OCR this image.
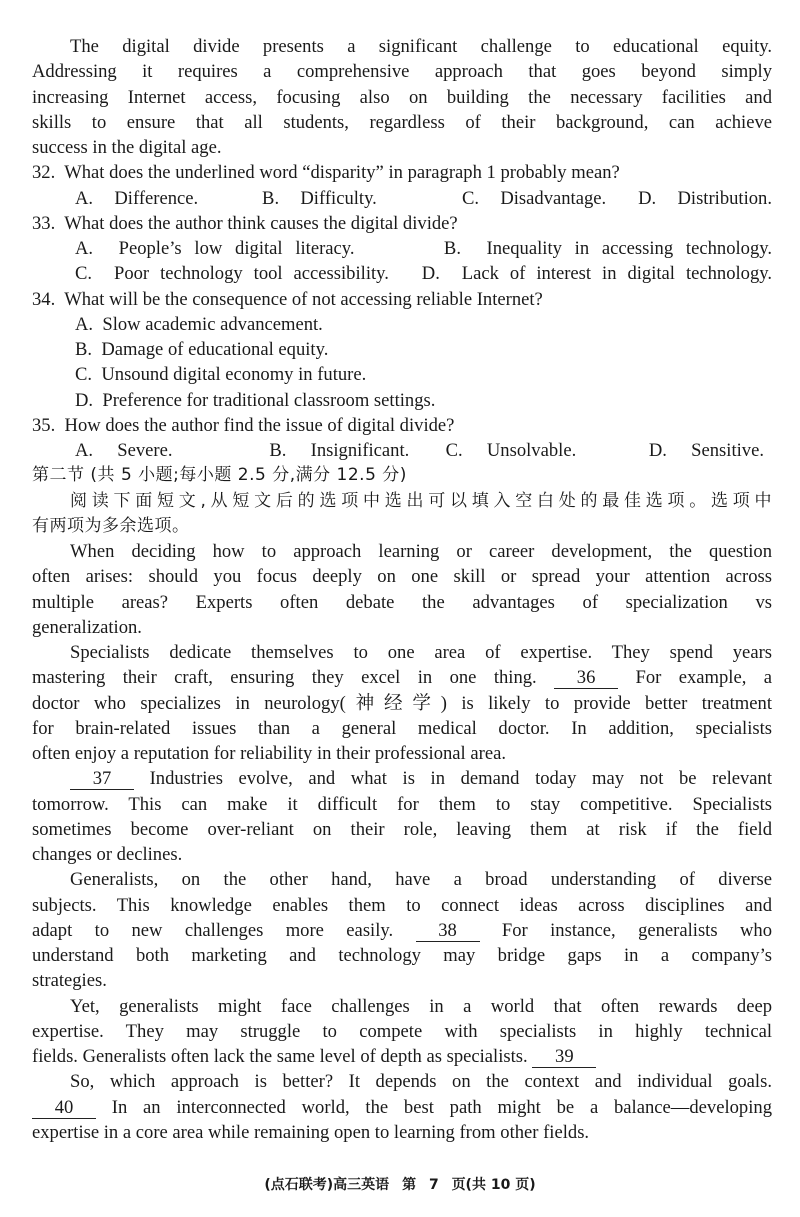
The digital divide presents a significant challenge to educational equity.
Addressing it requires a comprehensive approach that goes beyond simply
increasing Internet access, focusing also on building the necessary facilities and
skills to ensure that all students, regardless of their background, can achieve
success in the digital age.
32.  What does the underlined word “disparity” in paragraph 1 probably mean?
A.  Difference.      B.  Difficulty.        C.  Disadvantage.   D.  Distribution.
33.  What does the author think causes the digital divide?
A.  People’s low digital literacy.       B.  Inequality in accessing technology.
C.  Poor technology tool accessibility.   D.  Lack of interest in digital technology.
34.  What will be the consequence of not accessing reliable Internet?
A.  Slow academic advancement.
B.  Damage of educational equity.
C.  Unsound digital economy in future.
D.  Preference for traditional classroom settings.
35.  How does the author find the issue of digital divide?
A.  Severe.        B.  Insignificant.   C.  Unsolvable.      D.  Sensitive.
第二节 (共 5 小题;每小题 2.5 分,满分 12.5 分)
阅读下面短文,从短文后的选项中选出可以填入空白处的最佳选项。选项中
有两项为多余选项。
When deciding how to approach learning or career development, the question
often arises: should you focus deeply on one skill or spread your attention across
multiple areas? Experts often debate the advantages of specialization vs
generalization.
Specialists dedicate themselves to one area of expertise. They spend years
mastering their craft, ensuring they excel in one thing. 36 For example, a
doctor who specializes in neurology(神经学) is likely to provide better treatment
for brain-related issues than a general medical doctor. In addition, specialists
often enjoy a reputation for reliability in their professional area.
37 Industries evolve, and what is in demand today may not be relevant
tomorrow. This can make it difficult for them to stay competitive. Specialists
sometimes become over-reliant on their role, leaving them at risk if the field
changes or declines.
Generalists, on the other hand, have a broad understanding of diverse
subjects. This knowledge enables them to connect ideas across disciplines and
adapt to new challenges more easily. 38 For instance, generalists who
understand both marketing and technology may bridge gaps in a company’s
strategies.
Yet, generalists might face challenges in a world that often rewards deep
expertise. They may struggle to compete with specialists in highly technical
fields. Generalists often lack the same level of depth as specialists. 39
So, which approach is better? It depends on the context and individual goals.
40 In an interconnected world, the best path might be a balance—developing
expertise in a core area while remaining open to learning from other fields.
(点石联考)高三英语 第 7 页(共 10 页)
